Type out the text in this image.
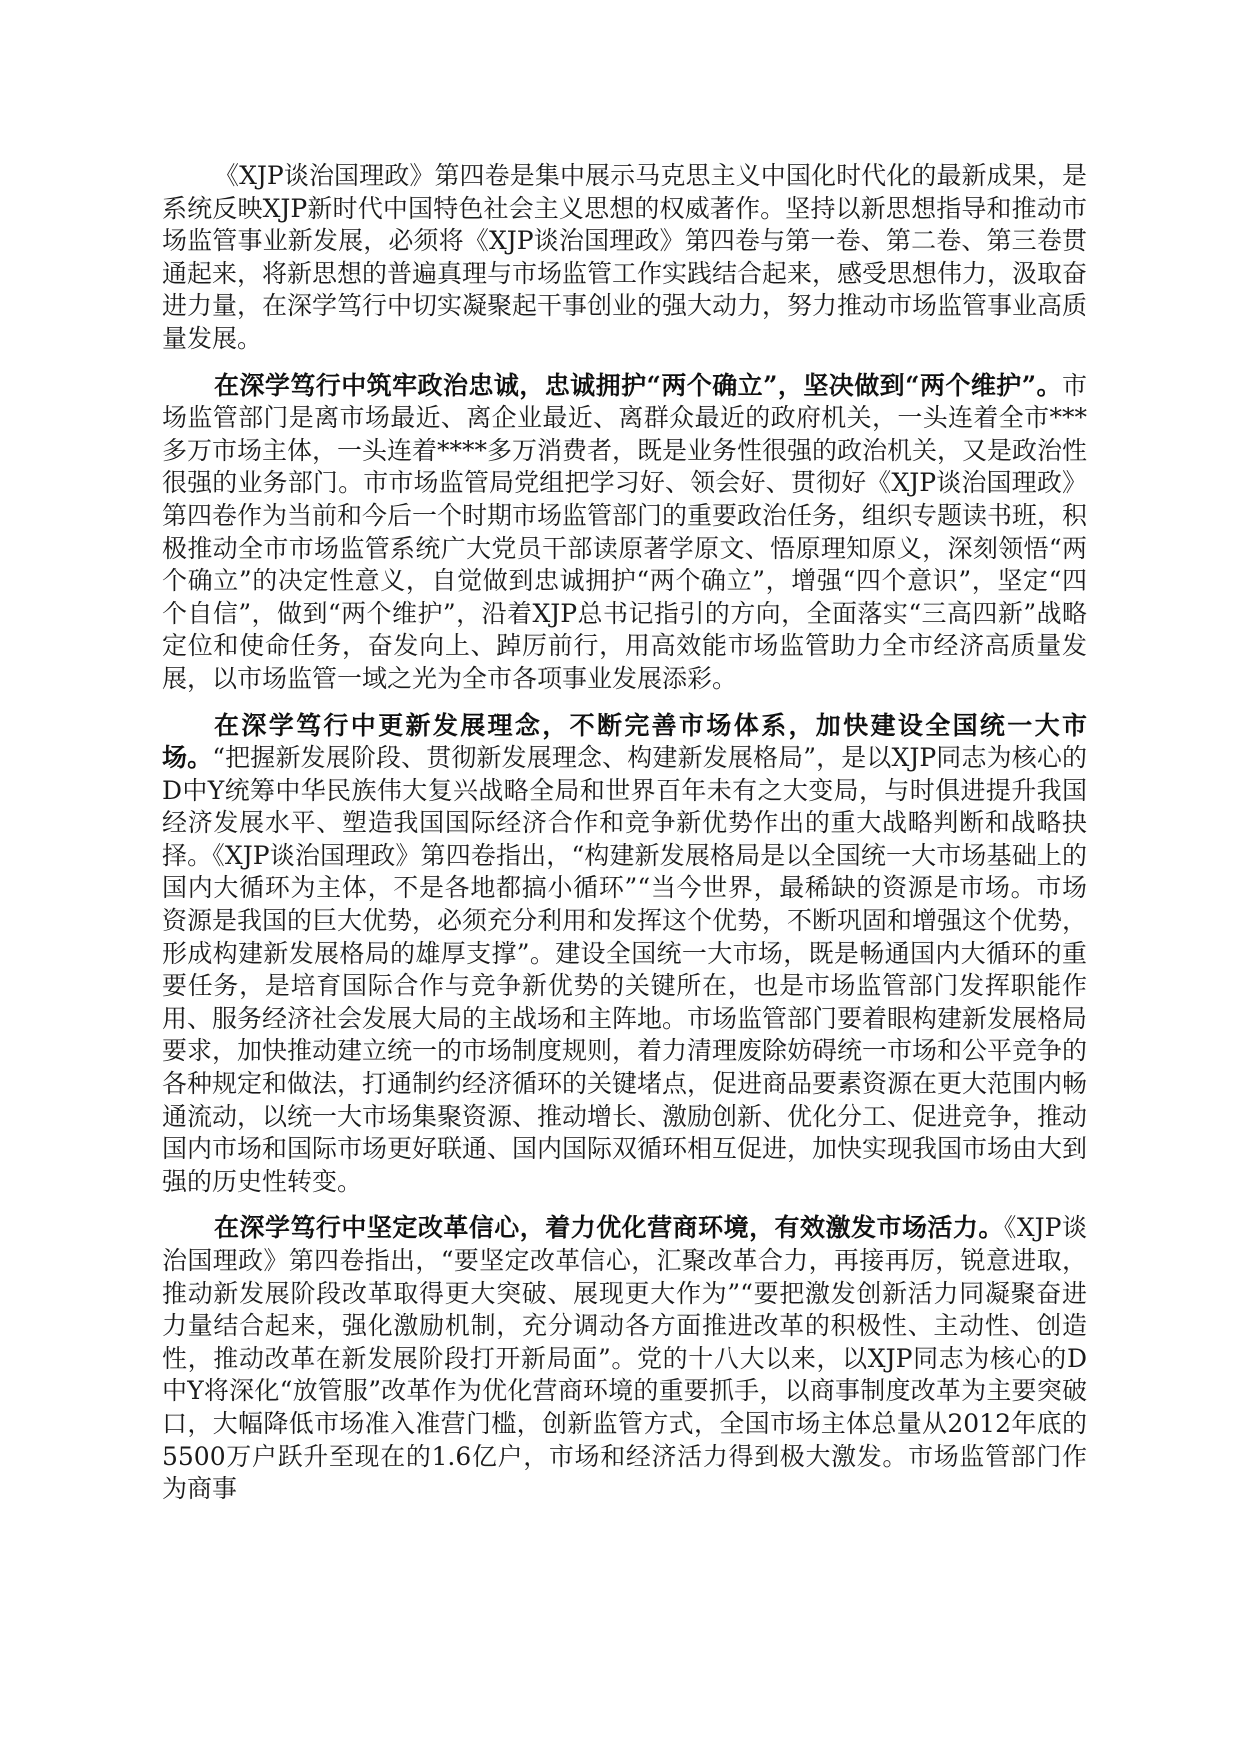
《XJP谈治国理政》第四卷是集中展示马克思主义中国化时代化的最新成果，是系统反映XJP新时代中国特色社会主义思想的权威著作。坚持以新思想指导和推动市场监管事业新发展，必须将《XJP谈治国理政》第四卷与第一卷、第二卷、第三卷贯通起来，将新思想的普遍真理与市场监管工作实践结合起来，感受思想伟力，汲取奋进力量，在深学笃行中切实凝聚起干事创业的强大动力，努力推动市场监管事业高质量发展。

在深学笃行中筑牢政治忠诚，忠诚拥护“两个确立”，坚决做到“两个维护”。市场监管部门是离市场最近、离企业最近、离群众最近的政府机关，一头连着全市***多万市场主体，一头连着****多万消费者，既是业务性很强的政治机关，又是政治性很强的业务部门。市市场监管局党组把学习好、领会好、贯彻好《XJP谈治国理政》第四卷作为当前和今后一个时期市场监管部门的重要政治任务，组织专题读书班，积极推动全市市场监管系统广大党员干部读原著学原文、悟原理知原义，深刻领悟“两个确立”的决定性意义，自觉做到忠诚拥护“两个确立”，增强“四个意识”，坚定“四个自信”，做到“两个维护”，沿着XJP总书记指引的方向，全面落实“三高四新”战略定位和使命任务，奋发向上、踔厉前行，用高效能市场监管助力全市经济高质量发展，以市场监管一域之光为全市各项事业发展添彩。

在深学笃行中更新发展理念，不断完善市场体系，加快建设全国统一大市场。“把握新发展阶段、贯彻新发展理念、构建新发展格局”，是以XJP同志为核心的D中Y统筹中华民族伟大复兴战略全局和世界百年未有之大变局，与时俱进提升我国经济发展水平、塑造我国国际经济合作和竞争新优势作出的重大战略判断和战略抉择。《XJP谈治国理政》第四卷指出，“构建新发展格局是以全国统一大市场基础上的国内大循环为主体，不是各地都搞小循环”“当今世界，最稀缺的资源是市场。市场资源是我国的巨大优势，必须充分利用和发挥这个优势，不断巩固和增强这个优势，形成构建新发展格局的雄厚支撑”。建设全国统一大市场，既是畅通国内大循环的重要任务，是培育国际合作与竞争新优势的关键所在，也是市场监管部门发挥职能作用、服务经济社会发展大局的主战场和主阵地。市场监管部门要着眼构建新发展格局要求，加快推动建立统一的市场制度规则，着力清理废除妨碍统一市场和公平竞争的各种规定和做法，打通制约经济循环的关键堵点，促进商品要素资源在更大范围内畅通流动，以统一大市场集聚资源、推动增长、激励创新、优化分工、促进竞争，推动国内市场和国际市场更好联通、国内国际双循环相互促进，加快实现我国市场由大到强的历史性转变。

在深学笃行中坚定改革信心，着力优化营商环境，有效激发市场活力。《XJP谈治国理政》第四卷指出，“要坚定改革信心，汇聚改革合力，再接再厉，锐意进取，推动新发展阶段改革取得更大突破、展现更大作为”“要把激发创新活力同凝聚奋进力量结合起来，强化激励机制，充分调动各方面推进改革的积极性、主动性、创造性，推动改革在新发展阶段打开新局面”。党的十八大以来，以XJP同志为核心的D中Y将深化“放管服”改革作为优化营商环境的重要抓手，以商事制度改革为主要突破口，大幅降低市场准入准营门槛，创新监管方式，全国市场主体总量从2012年底的5500万户跃升至现在的1.6亿户，市场和经济活力得到极大激发。市场监管部门作为商事
